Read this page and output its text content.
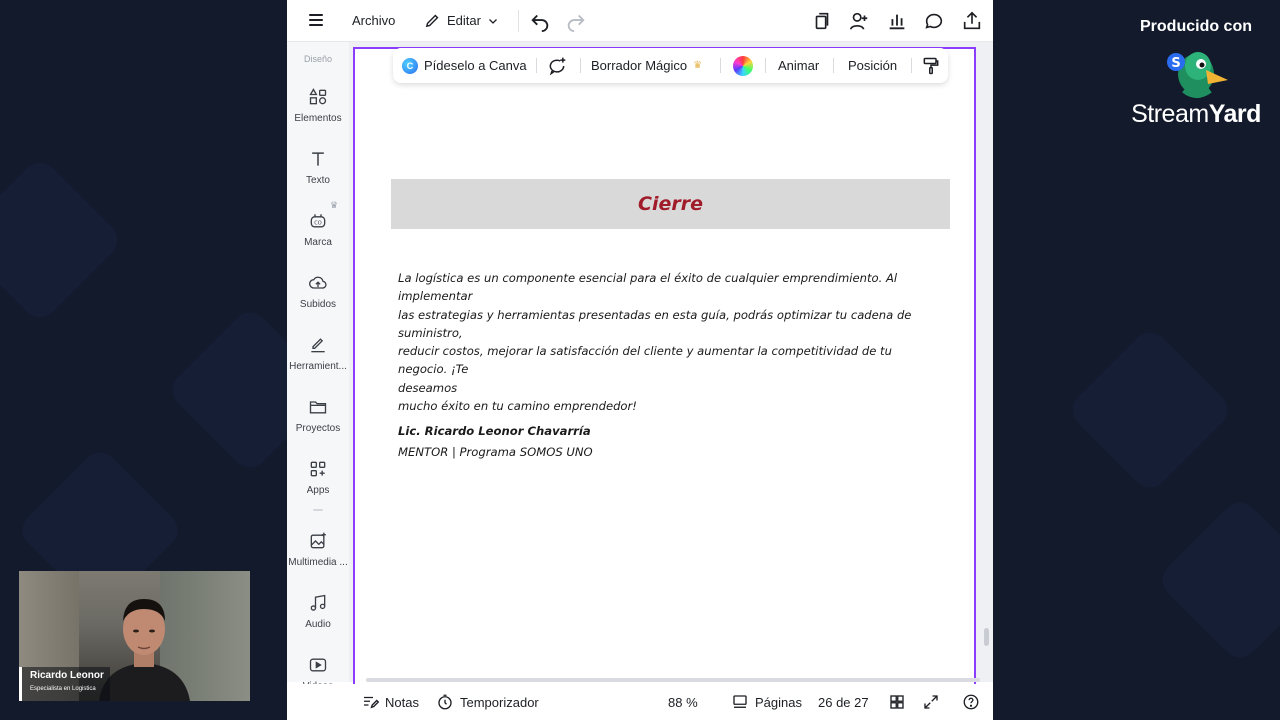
Archivo	Editar
Diseño
Elementos
Texto
♛
CO
Marca
Subidos
Herramient...
Proyectos
Apps
Multimedia ...
Audio
Cierre
La logística es un componente esencial para el éxito de cualquier emprendimiento. Al implementar
las estrategias y herramientas presentadas en esta guía, podrás optimizar tu cadena de suministro,
reducir costos, mejorar la satisfacción del cliente y aumentar la competitividad de tu negocio. ¡Te
deseamos
mucho éxito en tu camino emprendedor!
Lic. Ricardo Leonor Chavarría
MENTOR | Programa SOMOS UNO
Notas	Temporizador	88 %	Páginas 26 de 27
C Pídeselo a Canva	Borrador Mágico ♛	Animar Posición
Producido con
S
StreamYard
Ricardo Leonor
Especialista en Logistica
